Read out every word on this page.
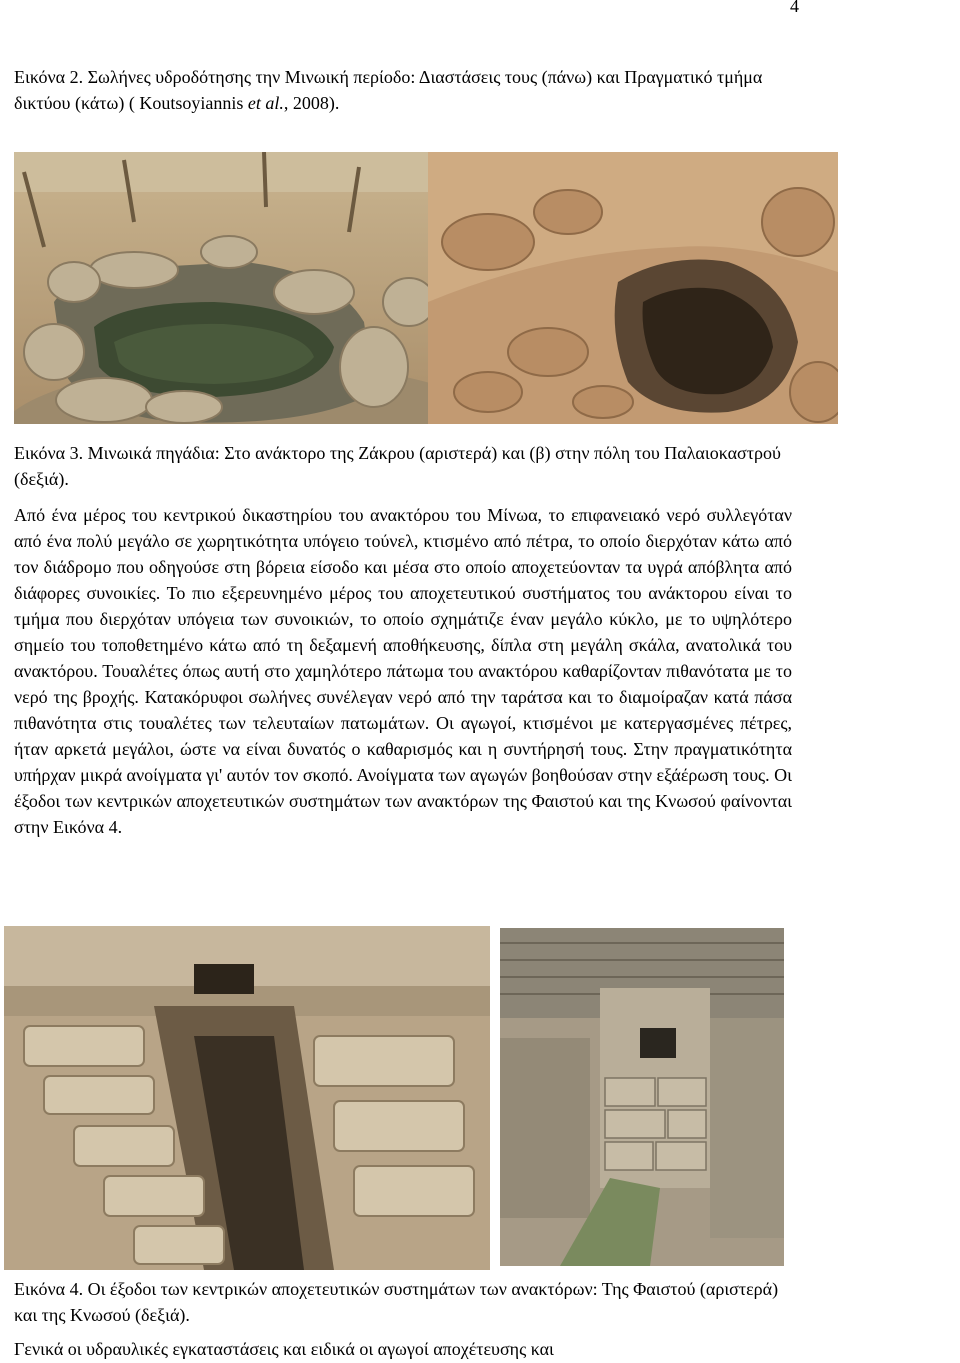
4

Εικόνα 2. Σωλήνες υδροδότησης την Μινωική περίοδο: Διαστάσεις τους (πάνω) και Πραγματικό τμήμα δικτύου (κάτω) ( Koutsoyiannis et al., 2008).

Εικόνα 3. Μινωικά πηγάδια: Στο ανάκτορο της Ζάκρου (αριστερά) και (β) στην πόλη του Παλαιοκαστρού (δεξιά).

Από ένα μέρος του κεντρικού δικαστηρίου του ανακτόρου του Μίνωα, το επιφανειακό νερό συλλεγόταν από ένα πολύ μεγάλο σε χωρητικότητα υπόγειο τούνελ, κτισμένο από πέτρα, το οποίο διερχόταν κάτω από τον διάδρομο που οδηγούσε στη βόρεια είσοδο και μέσα στο οποίο αποχετεύονταν τα υγρά απόβλητα από διάφορες συνοικίες. Το πιο εξερευνημένο μέρος του αποχετευτικού συστήματος του ανάκτορου είναι το τμήμα που διερχόταν υπόγεια των συνοικιών, το οποίο σχημάτιζε έναν μεγάλο κύκλο, με το υψηλότερο σημείο του τοποθετημένο κάτω από τη δεξαμενή αποθήκευσης, δίπλα στη μεγάλη σκάλα, ανατολικά του ανακτόρου. Τουαλέτες όπως αυτή στο χαμηλότερο πάτωμα του ανακτόρου καθαρίζονταν πιθανότατα με το νερό της βροχής. Κατακόρυφοι σωλήνες συνέλεγαν νερό από την ταράτσα και το διαμοίραζαν κατά πάσα πιθανότητα στις τουαλέτες των τελευταίων πατωμάτων. Οι αγωγοί, κτισμένοι με κατεργασμένες πέτρες, ήταν αρκετά μεγάλοι, ώστε να είναι δυνατός ο καθαρισμός και η συντήρησή τους. Στην πραγματικότητα υπήρχαν μικρά ανοίγματα γι' αυτόν τον σκοπό. Ανοίγματα των αγωγών βοηθούσαν στην εξάέρωση τους. Οι έξοδοι των κεντρικών αποχετευτικών συστημάτων των ανακτόρων της Φαιστού και της Κνωσού φαίνονται στην Εικόνα 4.

Εικόνα 4. Οι έξοδοι των κεντρικών αποχετευτικών συστημάτων των ανακτόρων: Της Φαιστού (αριστερά) και της Κνωσού (δεξιά).

Γενικά οι υδραυλικές εγκαταστάσεις και ειδικά οι αγωγοί αποχέτευσης και
